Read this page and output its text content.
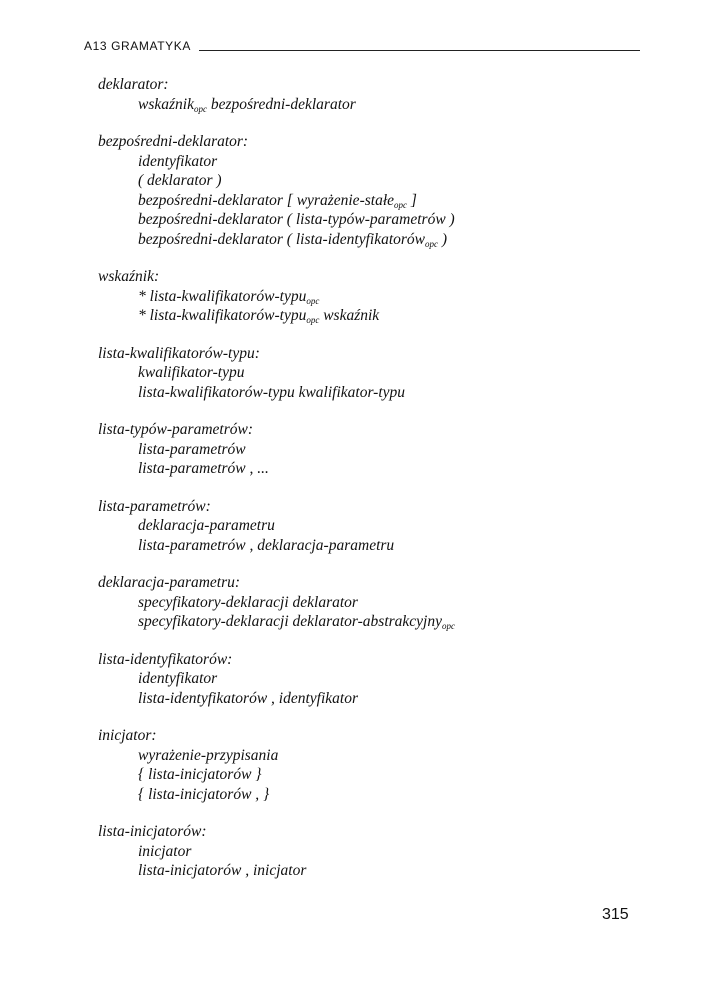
A13 GRAMATYKA
deklarator:
wskaźnik$_{opc}$ bezpośredni-deklarator
bezpośredni-deklarator:
identyfikator
( deklarator )
bezpośredni-deklarator [ wyrażenie-stałe$_{opc}$ ]
bezpośredni-deklarator ( lista-typów-parametrów )
bezpośredni-deklarator ( lista-identyfikatorów$_{opc}$ )
wskaźnik:
* lista-kwalifikatorów-typu$_{opc}$
* lista-kwalifikatorów-typu$_{opc}$ wskaźnik
lista-kwalifikatorów-typu:
kwalifikator-typu
lista-kwalifikatorów-typu kwalifikator-typu
lista-typów-parametrów:
lista-parametrów
lista-parametrów , ...
lista-parametrów:
deklaracja-parametru
lista-parametrów , deklaracja-parametru
deklaracja-parametru:
specyfikatory-deklaracji deklarator
specyfikatory-deklaracji deklarator-abstrakcyjny$_{opc}$
lista-identyfikatorów:
identyfikator
lista-identyfikatorów , identyfikator
inicjator:
wyrażenie-przypisania
{ lista-inicjatorów }
{ lista-inicjatorów , }
lista-inicjatorów:
inicjator
lista-inicjatorów , inicjator
315
